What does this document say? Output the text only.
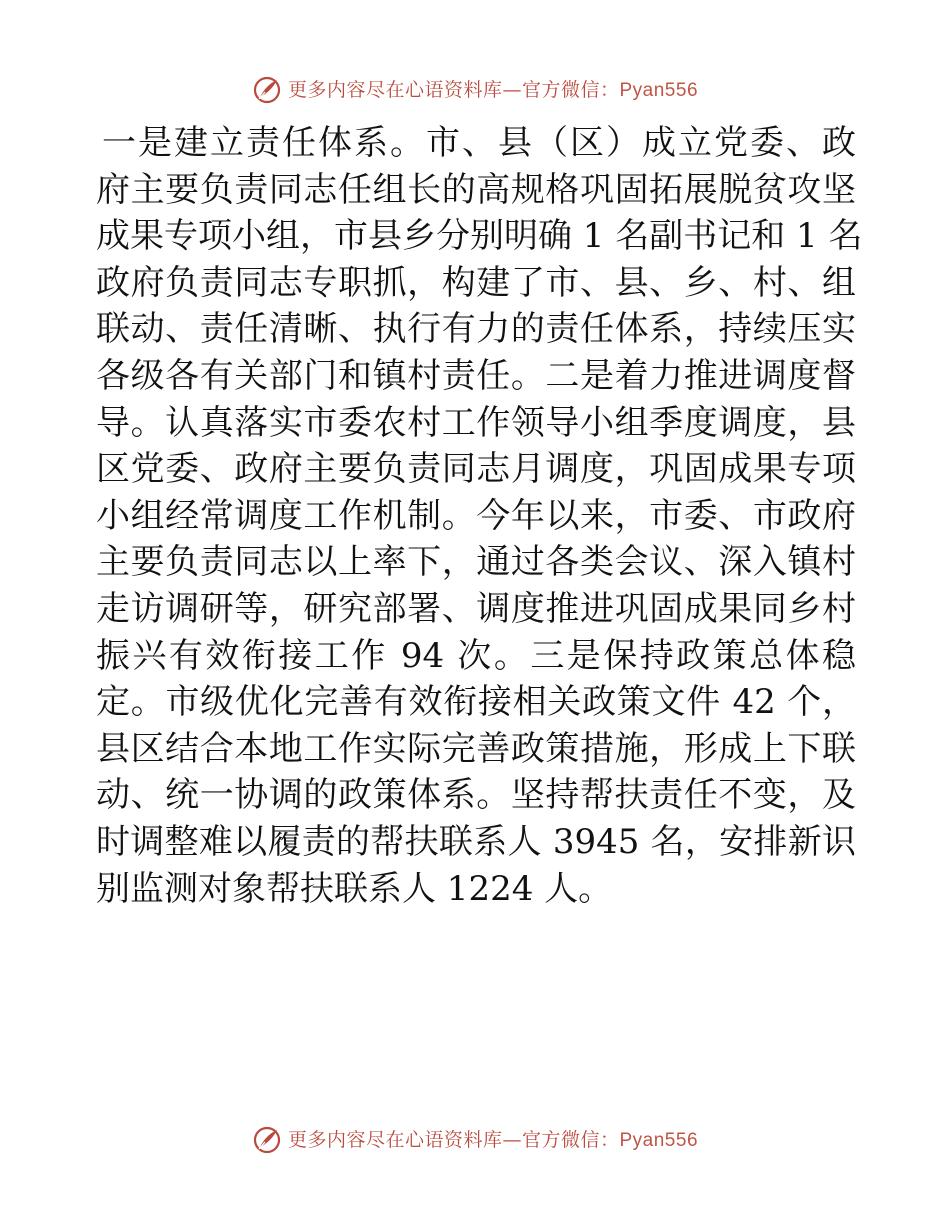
更多内容尽在心语资料库—官方微信：Pyan556
一是建立责任体系。市、县（区）成立党委、政
府主要负责同志任组长的高规格巩固拓展脱贫攻坚
成果专项小组，市县乡分别明确 1 名副书记和 1 名
政府负责同志专职抓，构建了市、县、乡、村、组
联动、责任清晰、执行有力的责任体系，持续压实
各级各有关部门和镇村责任。二是着力推进调度督
导。认真落实市委农村工作领导小组季度调度，县
区党委、政府主要负责同志月调度，巩固成果专项
小组经常调度工作机制。今年以来，市委、市政府
主要负责同志以上率下，通过各类会议、深入镇村
走访调研等，研究部署、调度推进巩固成果同乡村
振兴有效衔接工作 94 次。三是保持政策总体稳
定。市级优化完善有效衔接相关政策文件 42 个，
县区结合本地工作实际完善政策措施，形成上下联
动、统一协调的政策体系。坚持帮扶责任不变，及
时调整难以履责的帮扶联系人 3945 名，安排新识
别监测对象帮扶联系人 1224 人。
更多内容尽在心语资料库—官方微信：Pyan556
